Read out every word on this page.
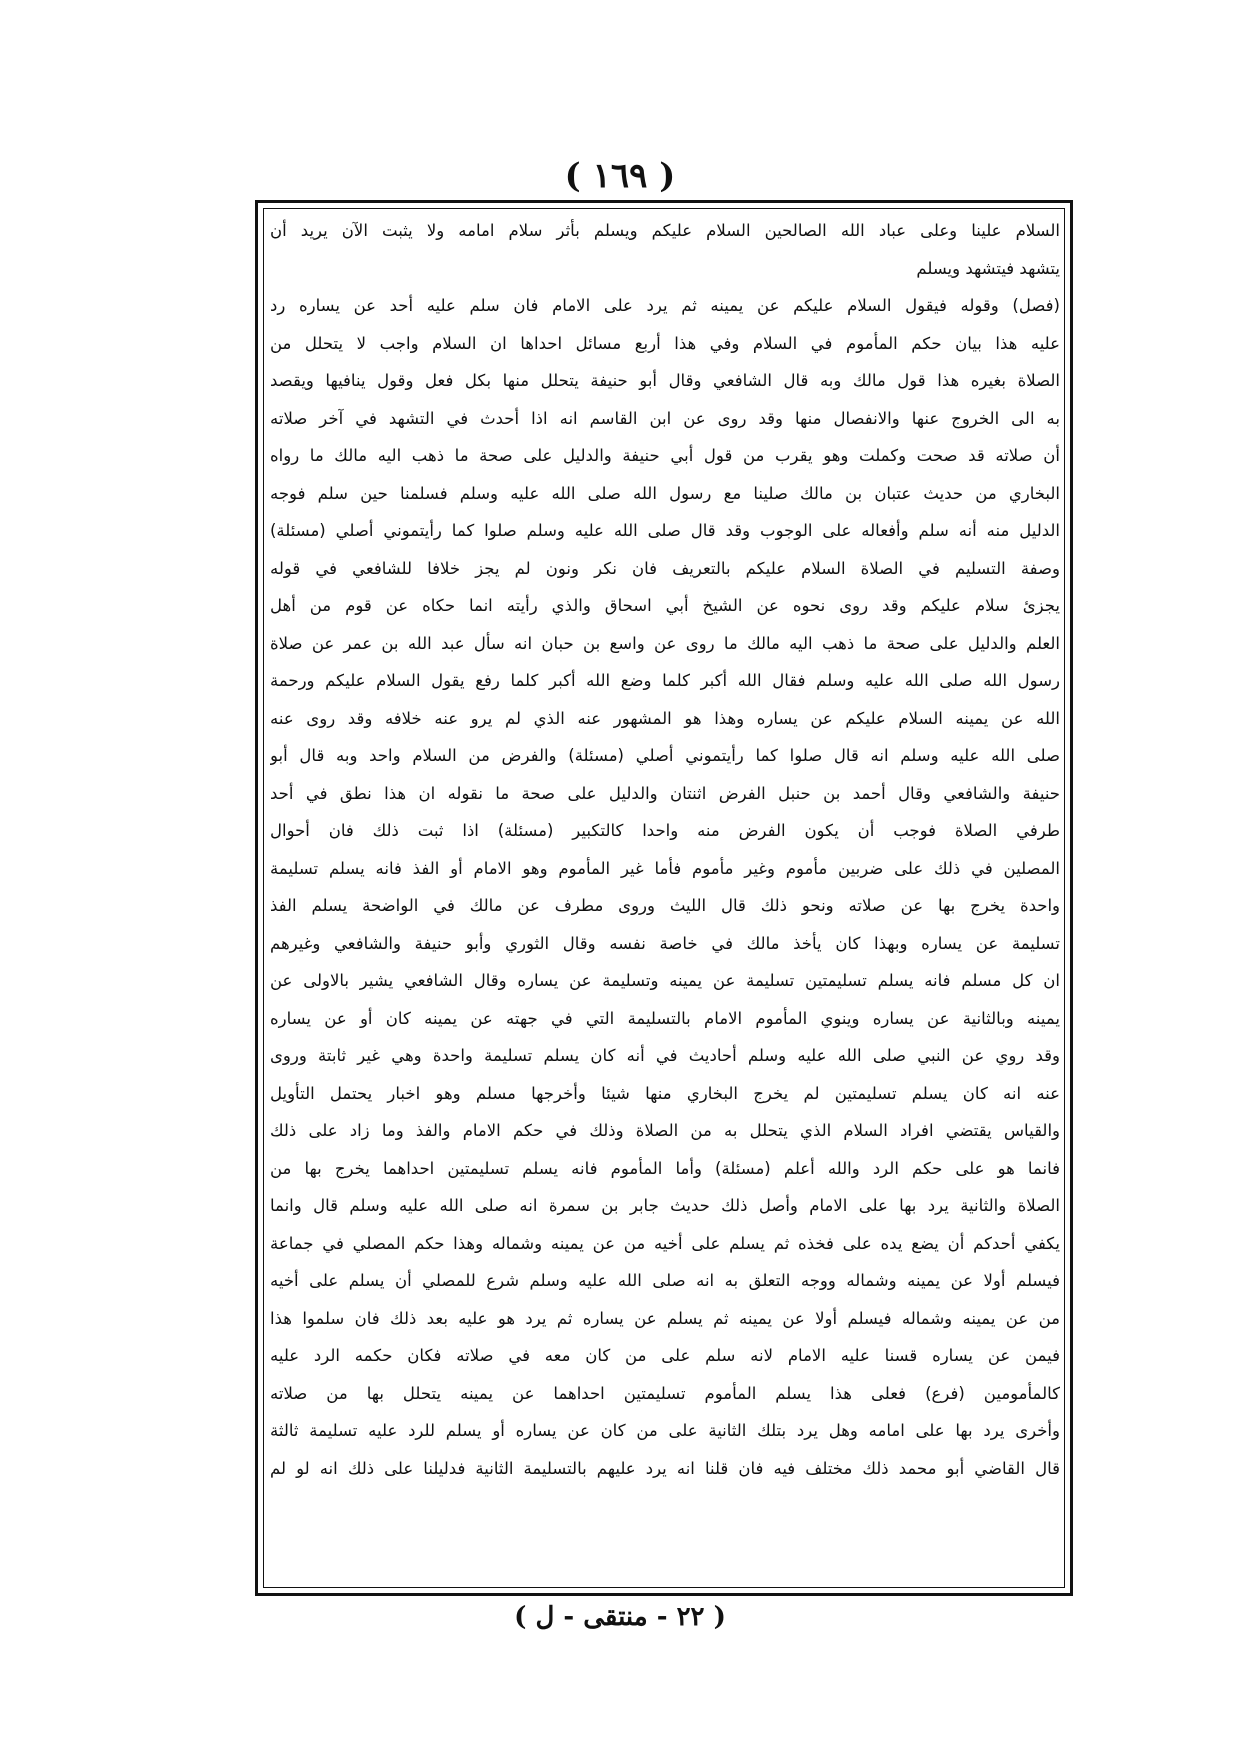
( ١٦٩ )
السلام علينا وعلى عباد الله الصالحين السلام عليكم ويسلم بأثر سلام امامه ولا يثبت الآن يريد أن
يتشهد فيتشهد ويسلم
(فصل) وقوله فيقول السلام عليكم عن يمينه ثم يرد على الامام فان سلم عليه أحد عن يساره رد
عليه هذا بيان حكم المأموم في السلام وفي هذا أربع مسائل احداها ان السلام واجب لا يتحلل من
الصلاة بغيره هذا قول مالك وبه قال الشافعي وقال أبو حنيفة يتحلل منها بكل فعل وقول ينافيها ويقصد
به الى الخروج عنها والانفصال منها وقد روى عن ابن القاسم انه اذا أحدث في التشهد في آخر صلاته
أن صلاته قد صحت وكملت وهو يقرب من قول أبي حنيفة والدليل على صحة ما ذهب اليه مالك ما رواه
البخاري من حديث عتبان بن مالك صلينا مع رسول الله صلى الله عليه وسلم فسلمنا حين سلم فوجه
الدليل منه أنه سلم وأفعاله على الوجوب وقد قال صلى الله عليه وسلم صلوا كما رأيتموني أصلي (مسئلة)
وصفة التسليم في الصلاة السلام عليكم بالتعريف فان نكر ونون لم يجز خلافا للشافعي في قوله
يجزئ سلام عليكم وقد روى نحوه عن الشيخ أبي اسحاق والذي رأيته انما حكاه عن قوم من أهل
العلم والدليل على صحة ما ذهب اليه مالك ما روى عن واسع بن حبان انه سأل عبد الله بن عمر عن صلاة
رسول الله صلى الله عليه وسلم فقال الله أكبر كلما وضع الله أكبر كلما رفع يقول السلام عليكم ورحمة
الله عن يمينه السلام عليكم عن يساره وهذا هو المشهور عنه الذي لم يرو عنه خلافه وقد روى عنه
صلى الله عليه وسلم انه قال صلوا كما رأيتموني أصلي (مسئلة) والفرض من السلام واحد وبه قال أبو
حنيفة والشافعي وقال أحمد بن حنبل الفرض اثنتان والدليل على صحة ما نقوله ان هذا نطق في أحد
طرفي الصلاة فوجب أن يكون الفرض منه واحدا كالتكبير (مسئلة) اذا ثبت ذلك فان أحوال
المصلين في ذلك على ضربين مأموم وغير مأموم فأما غير المأموم وهو الامام أو الفذ فانه يسلم تسليمة
واحدة يخرج بها عن صلاته ونحو ذلك قال الليث وروى مطرف عن مالك في الواضحة يسلم الفذ
تسليمة عن يساره وبهذا كان يأخذ مالك في خاصة نفسه وقال الثوري وأبو حنيفة والشافعي وغيرهم
ان كل مسلم فانه يسلم تسليمتين تسليمة عن يمينه وتسليمة عن يساره وقال الشافعي يشير بالاولى عن
يمينه وبالثانية عن يساره وينوي المأموم الامام بالتسليمة التي في جهته عن يمينه كان أو عن يساره
وقد روي عن النبي صلى الله عليه وسلم أحاديث في أنه كان يسلم تسليمة واحدة وهي غير ثابتة وروى
عنه انه كان يسلم تسليمتين لم يخرج البخاري منها شيئا وأخرجها مسلم وهو اخبار يحتمل التأويل
والقياس يقتضي افراد السلام الذي يتحلل به من الصلاة وذلك في حكم الامام والفذ وما زاد على ذلك
فانما هو على حكم الرد والله أعلم (مسئلة) وأما المأموم فانه يسلم تسليمتين احداهما يخرج بها من
الصلاة والثانية يرد بها على الامام وأصل ذلك حديث جابر بن سمرة انه صلى الله عليه وسلم قال وانما
يكفي أحدكم أن يضع يده على فخذه ثم يسلم على أخيه من عن يمينه وشماله وهذا حكم المصلي في جماعة
فيسلم أولا عن يمينه وشماله ووجه التعلق به انه صلى الله عليه وسلم شرع للمصلي أن يسلم على أخيه
من عن يمينه وشماله فيسلم أولا عن يمينه ثم يسلم عن يساره ثم يرد هو عليه بعد ذلك فان سلموا هذا
فيمن عن يساره قسنا عليه الامام لانه سلم على من كان معه في صلاته فكان حكمه الرد عليه
كالمأمومين (فرع) فعلى هذا يسلم المأموم تسليمتين احداهما عن يمينه يتحلل بها من صلاته
وأخرى يرد بها على امامه وهل يرد بتلك الثانية على من كان عن يساره أو يسلم للرد عليه تسليمة ثالثة
قال القاضي أبو محمد ذلك مختلف فيه فان قلنا انه يرد عليهم بالتسليمة الثانية فدليلنا على ذلك انه لو لم
( ٢٢ - منتقى - ل )
